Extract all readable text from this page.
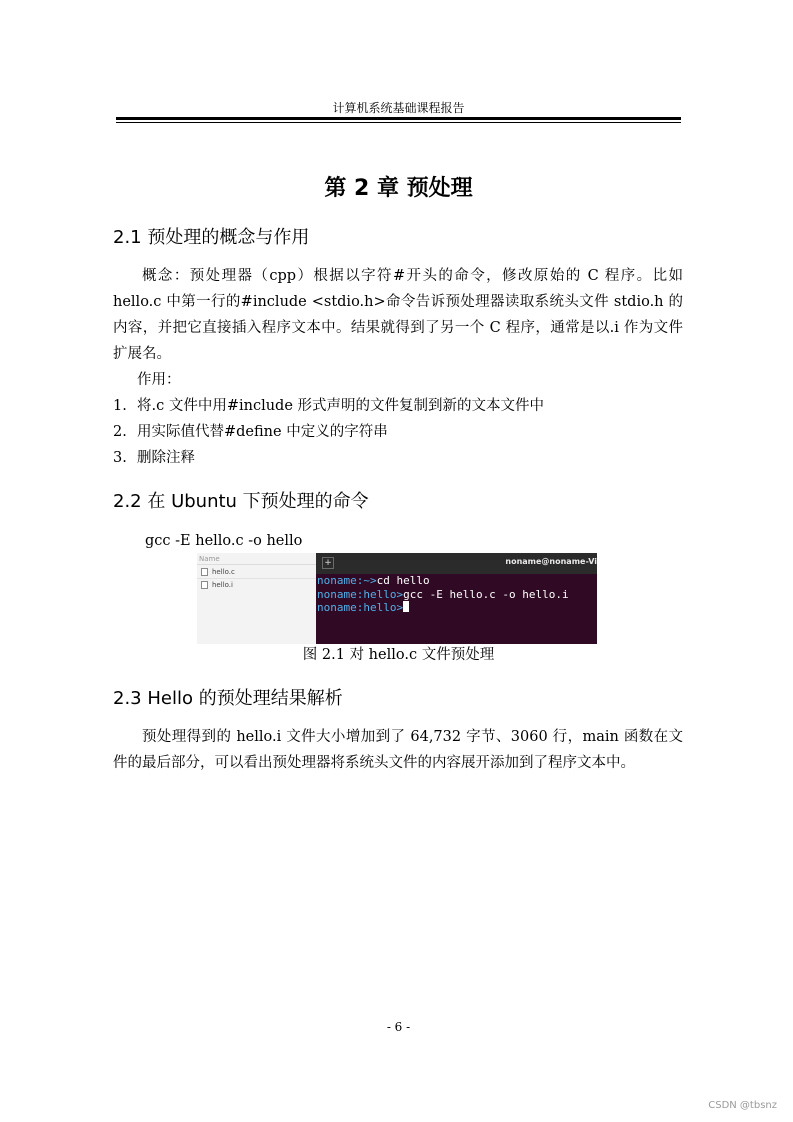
计算机系统基础课程报告
第 2 章 预处理
2.1 预处理的概念与作用

概念：预处理器（cpp）根据以字符#开头的命令，修改原始的 C 程序。比如 hello.c 中第一行的#include <stdio.h>命令告诉预处理器读取系统头文件 stdio.h 的内容，并把它直接插入程序文本中。结果就得到了另一个 C 程序，通常是以.i 作为文件扩展名。

作用：
1. 将.c 文件中用#include 形式声明的文件复制到新的文本文件中
2. 用实际值代替#define 中定义的字符串
3. 删除注释
2.2 在 Ubuntu 下预处理的命令
gcc -E hello.c -o hello
Name
hello.c
hello.i
+	noname@noname-Vi
noname:~>cd hello
noname:hello>gcc -E hello.c -o hello.i
noname:hello>
图 2.1 对 hello.c 文件预处理
2.3 Hello 的预处理结果解析

预处理得到的 hello.i 文件大小增加到了 64,732 字节、3060 行，main 函数在文件的最后部分，可以看出预处理器将系统头文件的内容展开添加到了程序文本中。

- 6 -
CSDN @tbsnz
